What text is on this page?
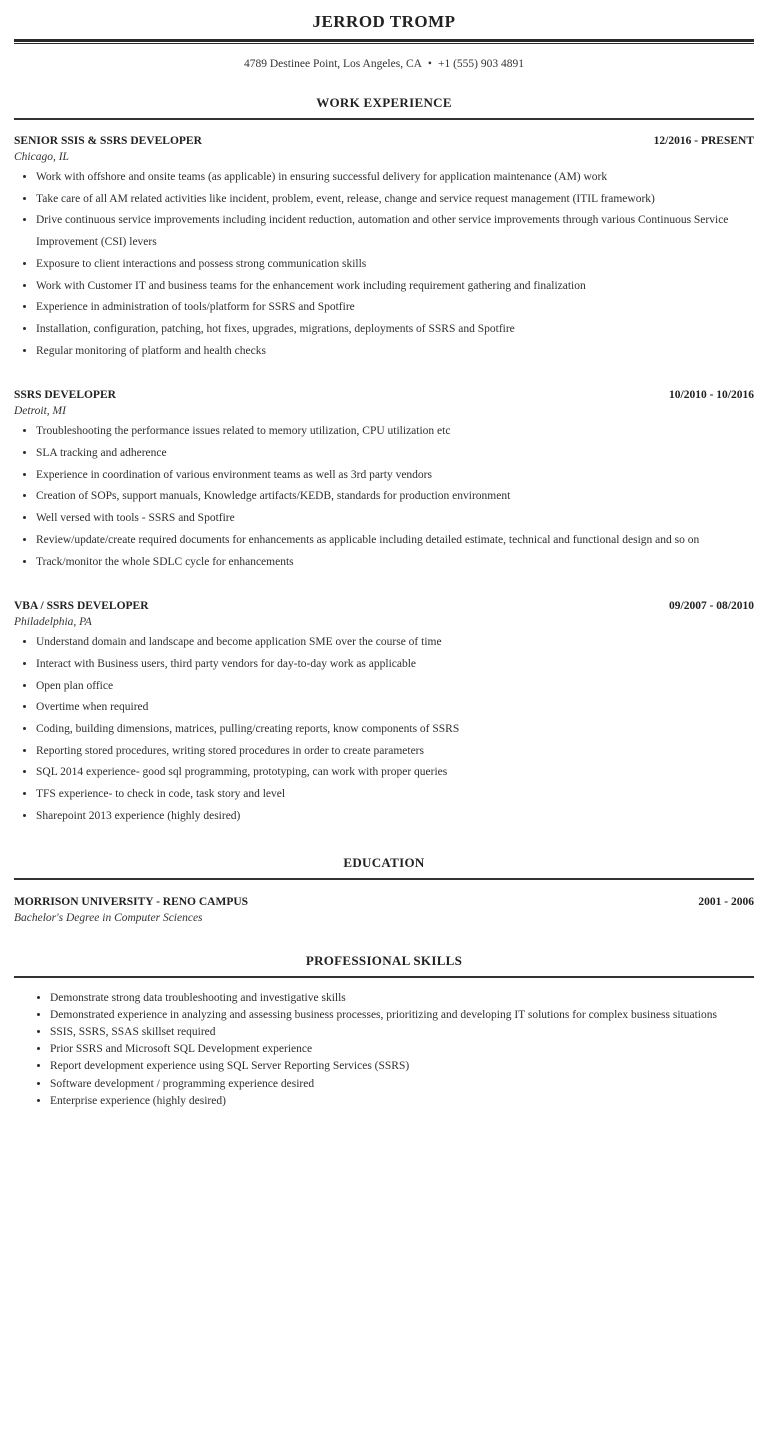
JERROD TROMP
4789 Destinee Point, Los Angeles, CA • +1 (555) 903 4891
WORK EXPERIENCE
SENIOR SSIS & SSRS DEVELOPER	12/2016 - PRESENT
Chicago, IL
• Work with offshore and onsite teams (as applicable) in ensuring successful delivery for application maintenance (AM) work
• Take care of all AM related activities like incident, problem, event, release, change and service request management (ITIL framework)
• Drive continuous service improvements including incident reduction, automation and other service improvements through various Continuous Service Improvement (CSI) levers
• Exposure to client interactions and possess strong communication skills
• Work with Customer IT and business teams for the enhancement work including requirement gathering and finalization
• Experience in administration of tools/platform for SSRS and Spotfire
• Installation, configuration, patching, hot fixes, upgrades, migrations, deployments of SSRS and Spotfire
• Regular monitoring of platform and health checks
SSRS DEVELOPER	10/2010 - 10/2016
Detroit, MI
• Troubleshooting the performance issues related to memory utilization, CPU utilization etc
• SLA tracking and adherence
• Experience in coordination of various environment teams as well as 3rd party vendors
• Creation of SOPs, support manuals, Knowledge artifacts/KEDB, standards for production environment
• Well versed with tools - SSRS and Spotfire
• Review/update/create required documents for enhancements as applicable including detailed estimate, technical and functional design and so on
• Track/monitor the whole SDLC cycle for enhancements
VBA / SSRS DEVELOPER	09/2007 - 08/2010
Philadelphia, PA
• Understand domain and landscape and become application SME over the course of time
• Interact with Business users, third party vendors for day-to-day work as applicable
• Open plan office
• Overtime when required
• Coding, building dimensions, matrices, pulling/creating reports, know components of SSRS
• Reporting stored procedures, writing stored procedures in order to create parameters
• SQL 2014 experience- good sql programming, prototyping, can work with proper queries
• TFS experience- to check in code, task story and level
• Sharepoint 2013 experience (highly desired)
EDUCATION
MORRISON UNIVERSITY - RENO CAMPUS	2001 - 2006
Bachelor's Degree in Computer Sciences
PROFESSIONAL SKILLS
• Demonstrate strong data troubleshooting and investigative skills
• Demonstrated experience in analyzing and assessing business processes, prioritizing and developing IT solutions for complex business situations
• SSIS, SSRS, SSAS skillset required
• Prior SSRS and Microsoft SQL Development experience
• Report development experience using SQL Server Reporting Services (SSRS)
• Software development / programming experience desired
• Enterprise experience (highly desired)
